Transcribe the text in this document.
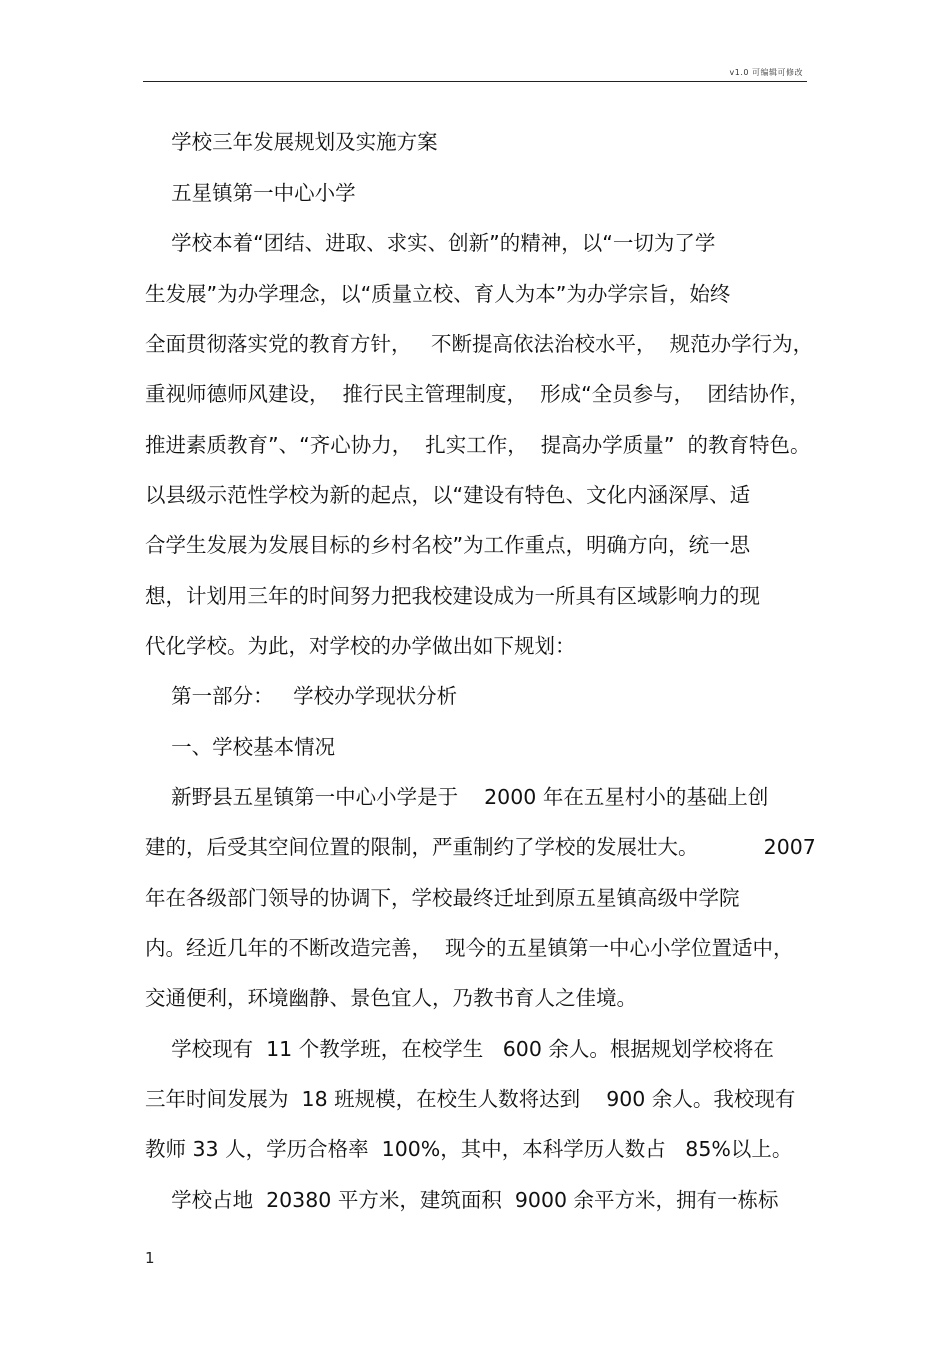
v1.0 可编辑可修改
学校三年发展规划及实施方案
五星镇第一中心小学
学校本着“团结、进取、求实、创新”的精神，以“一切为了学
生发展”为办学理念，以“质量立校、育人为本”为办学宗旨，始终
全面贯彻落实党的教育方针，   不断提高依法治校水平，  规范办学行为，
重视师德师风建设，  推行民主管理制度，  形成“全员参与，  团结协作，
推进素质教育”、“齐心协力，  扎实工作，  提高办学质量”  的教育特色。
以县级示范性学校为新的起点，以“建设有特色、文化内涵深厚、适
合学生发展为发展目标的乡村名校”为工作重点，明确方向，统一思
想，计划用三年的时间努力把我校建设成为一所具有区域影响力的现
代化学校。为此，对学校的办学做出如下规划：
第一部分：   学校办学现状分析
一、学校基本情况
新野县五星镇第一中心小学是于    2000 年在五星村小的基础上创
建的，后受其空间位置的限制，严重制约了学校的发展壮大。          2007
年在各级部门领导的协调下，学校最终迁址到原五星镇高级中学院
内。经近几年的不断改造完善，  现今的五星镇第一中心小学位置适中，
交通便利，环境幽静、景色宜人，乃教书育人之佳境。
学校现有  11 个教学班，在校学生   600 余人。根据规划学校将在
三年时间发展为  18 班规模，在校生人数将达到    900 余人。我校现有
教师 33 人，学历合格率  100%，其中，本科学历人数占   85%以上。
学校占地  20380 平方米，建筑面积  9000 余平方米，拥有一栋标
1
